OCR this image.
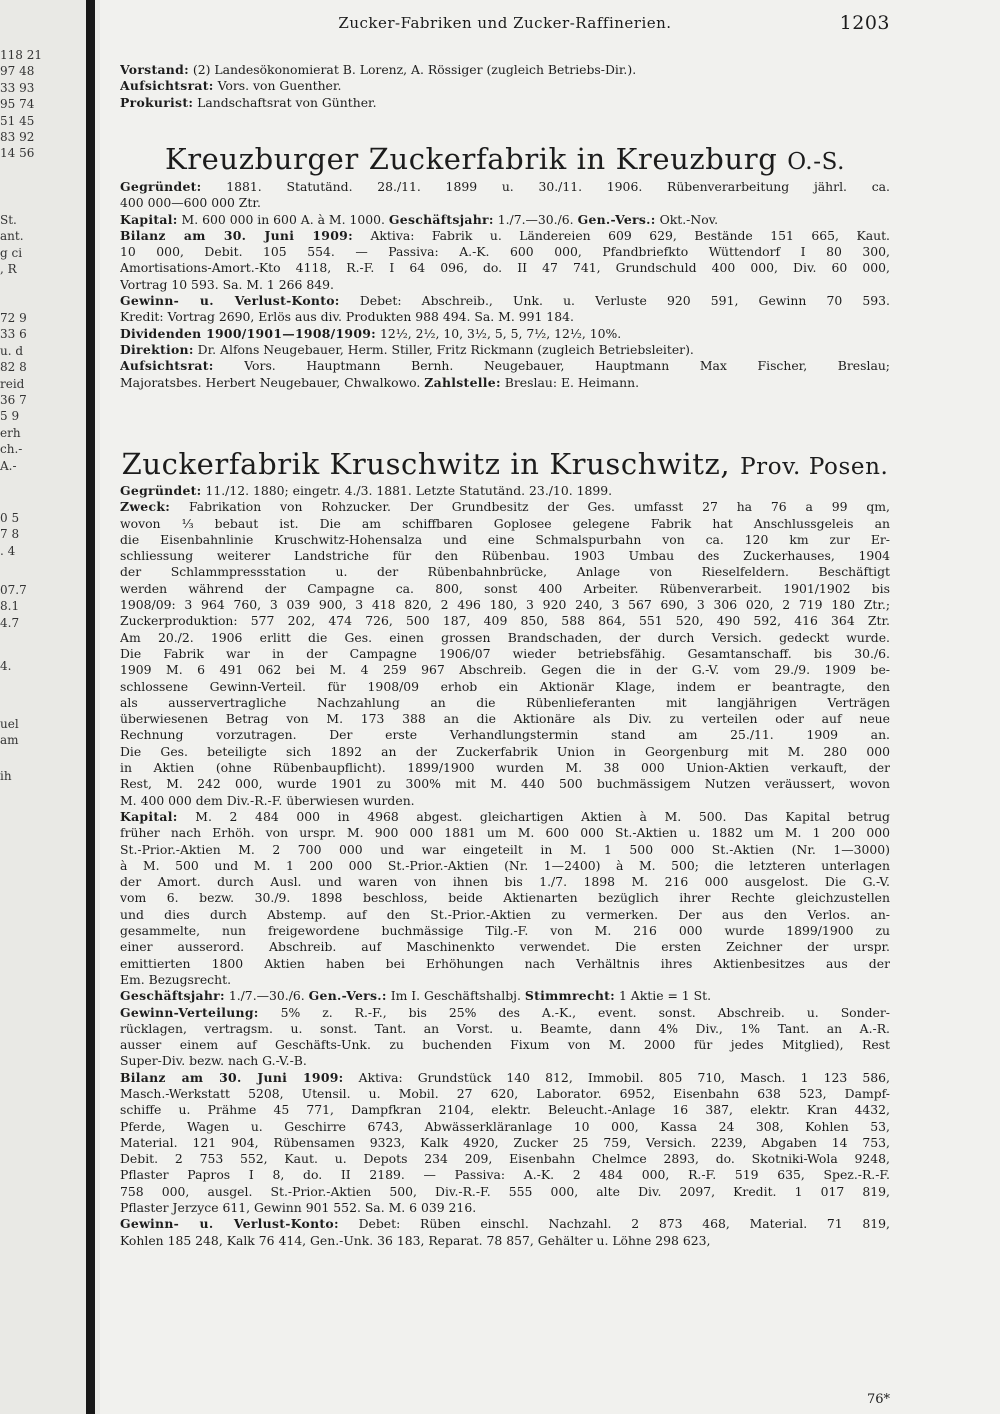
118 21
97 48
33 93
95 74
51 45
83 92
14 56
St.
ant.
g ci
, R
72 9
33 6
u. d
82 8
reid
36 7
5 9
erh
ch.-
A.-
0 5
7 8
. 4
07.7
8.1
4.7
4.
uel
am
ih
Zucker-Fabriken und Zucker-Raffinerien.	1203
Vorstand: (2) Landesökonomierat B. Lorenz, A. Rössiger (zugleich Betriebs-Dir.).
Aufsichtsrat: Vors. von Guenther.
Prokurist: Landschaftsrat von Günther.
Kreuzburger Zuckerfabrik in Kreuzburg O.-S.
Gegründet: 1881. Statutänd. 28./11. 1899 u. 30./11. 1906. Rübenverarbeitung jährl. ca.
400 000—600 000 Ztr.
Kapital: M. 600 000 in 600 A. à M. 1000. Geschäftsjahr: 1./7.—30./6. Gen.-Vers.: Okt.-Nov.
Bilanz am 30. Juni 1909: Aktiva: Fabrik u. Ländereien 609 629, Bestände 151 665, Kaut.
10 000, Debit. 105 554. — Passiva: A.-K. 600 000, Pfandbriefkto Wüttendorf I 80 300,
Amortisations-Amort.-Kto 4118, R.-F. I 64 096, do. II 47 741, Grundschuld 400 000, Div. 60 000,
Vortrag 10 593. Sa. M. 1 266 849.
Gewinn- u. Verlust-Konto: Debet: Abschreib., Unk. u. Verluste 920 591, Gewinn 70 593.
Kredit: Vortrag 2690, Erlös aus div. Produkten 988 494. Sa. M. 991 184.
Dividenden 1900/1901—1908/1909: 12½, 2½, 10, 3½, 5, 5, 7½, 12½, 10%.
Direktion: Dr. Alfons Neugebauer, Herm. Stiller, Fritz Rickmann (zugleich Betriebsleiter).
Aufsichtsrat: Vors. Hauptmann Bernh. Neugebauer, Hauptmann Max Fischer, Breslau;
Majoratsbes. Herbert Neugebauer, Chwalkowo. Zahlstelle: Breslau: E. Heimann.
Zuckerfabrik Kruschwitz in Kruschwitz, Prov. Posen.
Gegründet: 11./12. 1880; eingetr. 4./3. 1881. Letzte Statutänd. 23./10. 1899.
Zweck: Fabrikation von Rohzucker. Der Grundbesitz der Ges. umfasst 27 ha 76 a 99 qm,
wovon ⅓ bebaut ist. Die am schiffbaren Goplosee gelegene Fabrik hat Anschlussgeleis an
die Eisenbahnlinie Kruschwitz-Hohensalza und eine Schmalspurbahn von ca. 120 km zur Er-
schliessung weiterer Landstriche für den Rübenbau. 1903 Umbau des Zuckerhauses, 1904
der Schlammpressstation u. der Rübenbahnbrücke, Anlage von Rieselfeldern. Beschäftigt
werden während der Campagne ca. 800, sonst 400 Arbeiter. Rübenverarbeit. 1901/1902 bis
1908/09: 3 964 760, 3 039 900, 3 418 820, 2 496 180, 3 920 240, 3 567 690, 3 306 020, 2 719 180 Ztr.;
Zuckerproduktion: 577 202, 474 726, 500 187, 409 850, 588 864, 551 520, 490 592, 416 364 Ztr.
Am 20./2. 1906 erlitt die Ges. einen grossen Brandschaden, der durch Versich. gedeckt wurde.
Die Fabrik war in der Campagne 1906/07 wieder betriebsfähig. Gesamtanschaff. bis 30./6.
1909 M. 6 491 062 bei M. 4 259 967 Abschreib. Gegen die in der G.-V. vom 29./9. 1909 be-
schlossene Gewinn-Verteil. für 1908/09 erhob ein Aktionär Klage, indem er beantragte, den
als ausservertragliche Nachzahlung an die Rübenlieferanten mit langjährigen Verträgen
überwiesenen Betrag von M. 173 388 an die Aktionäre als Div. zu verteilen oder auf neue
Rechnung vorzutragen. Der erste Verhandlungstermin stand am 25./11. 1909 an.
Die Ges. beteiligte sich 1892 an der Zuckerfabrik Union in Georgenburg mit M. 280 000
in Aktien (ohne Rübenbaupflicht). 1899/1900 wurden M. 38 000 Union-Aktien verkauft, der
Rest, M. 242 000, wurde 1901 zu 300% mit M. 440 500 buchmässigem Nutzen veräussert, wovon
M. 400 000 dem Div.-R.-F. überwiesen wurden.
Kapital: M. 2 484 000 in 4968 abgest. gleichartigen Aktien à M. 500. Das Kapital betrug
früher nach Erhöh. von urspr. M. 900 000 1881 um M. 600 000 St.-Aktien u. 1882 um M. 1 200 000
St.-Prior.-Aktien M. 2 700 000 und war eingeteilt in M. 1 500 000 St.-Aktien (Nr. 1—3000)
à M. 500 und M. 1 200 000 St.-Prior.-Aktien (Nr. 1—2400) à M. 500; die letzteren unterlagen
der Amort. durch Ausl. und waren von ihnen bis 1./7. 1898 M. 216 000 ausgelost. Die G.-V.
vom 6. bezw. 30./9. 1898 beschloss, beide Aktienarten bezüglich ihrer Rechte gleichzustellen
und dies durch Abstemp. auf den St.-Prior.-Aktien zu vermerken. Der aus den Verlos. an-
gesammelte, nun freigewordene buchmässige Tilg.-F. von M. 216 000 wurde 1899/1900 zu
einer ausserord. Abschreib. auf Maschinenkto verwendet. Die ersten Zeichner der urspr.
emittierten 1800 Aktien haben bei Erhöhungen nach Verhältnis ihres Aktienbesitzes aus der
Em. Bezugsrecht.
Geschäftsjahr: 1./7.—30./6. Gen.-Vers.: Im I. Geschäftshalbj. Stimmrecht: 1 Aktie = 1 St.
Gewinn-Verteilung: 5% z. R.-F., bis 25% des A.-K., event. sonst. Abschreib. u. Sonder-
rücklagen, vertragsm. u. sonst. Tant. an Vorst. u. Beamte, dann 4% Div., 1% Tant. an A.-R.
ausser einem auf Geschäfts-Unk. zu buchenden Fixum von M. 2000 für jedes Mitglied), Rest
Super-Div. bezw. nach G.-V.-B.
Bilanz am 30. Juni 1909: Aktiva: Grundstück 140 812, Immobil. 805 710, Masch. 1 123 586,
Masch.-Werkstatt 5208, Utensil. u. Mobil. 27 620, Laborator. 6952, Eisenbahn 638 523, Dampf-
schiffe u. Prähme 45 771, Dampfkran 2104, elektr. Beleucht.-Anlage 16 387, elektr. Kran 4432,
Pferde, Wagen u. Geschirre 6743, Abwässerkläranlage 10 000, Kassa 24 308, Kohlen 53,
Material. 121 904, Rübensamen 9323, Kalk 4920, Zucker 25 759, Versich. 2239, Abgaben 14 753,
Debit. 2 753 552, Kaut. u. Depots 234 209, Eisenbahn Chelmce 2893, do. Skotniki-Wola 9248,
Pflaster Papros I 8, do. II 2189. — Passiva: A.-K. 2 484 000, R.-F. 519 635, Spez.-R.-F.
758 000, ausgel. St.-Prior.-Aktien 500, Div.-R.-F. 555 000, alte Div. 2097, Kredit. 1 017 819,
Pflaster Jerzyce 611, Gewinn 901 552. Sa. M. 6 039 216.
Gewinn- u. Verlust-Konto: Debet: Rüben einschl. Nachzahl. 2 873 468, Material. 71 819,
Kohlen 185 248, Kalk 76 414, Gen.-Unk. 36 183, Reparat. 78 857, Gehälter u. Löhne 298 623,
76*
